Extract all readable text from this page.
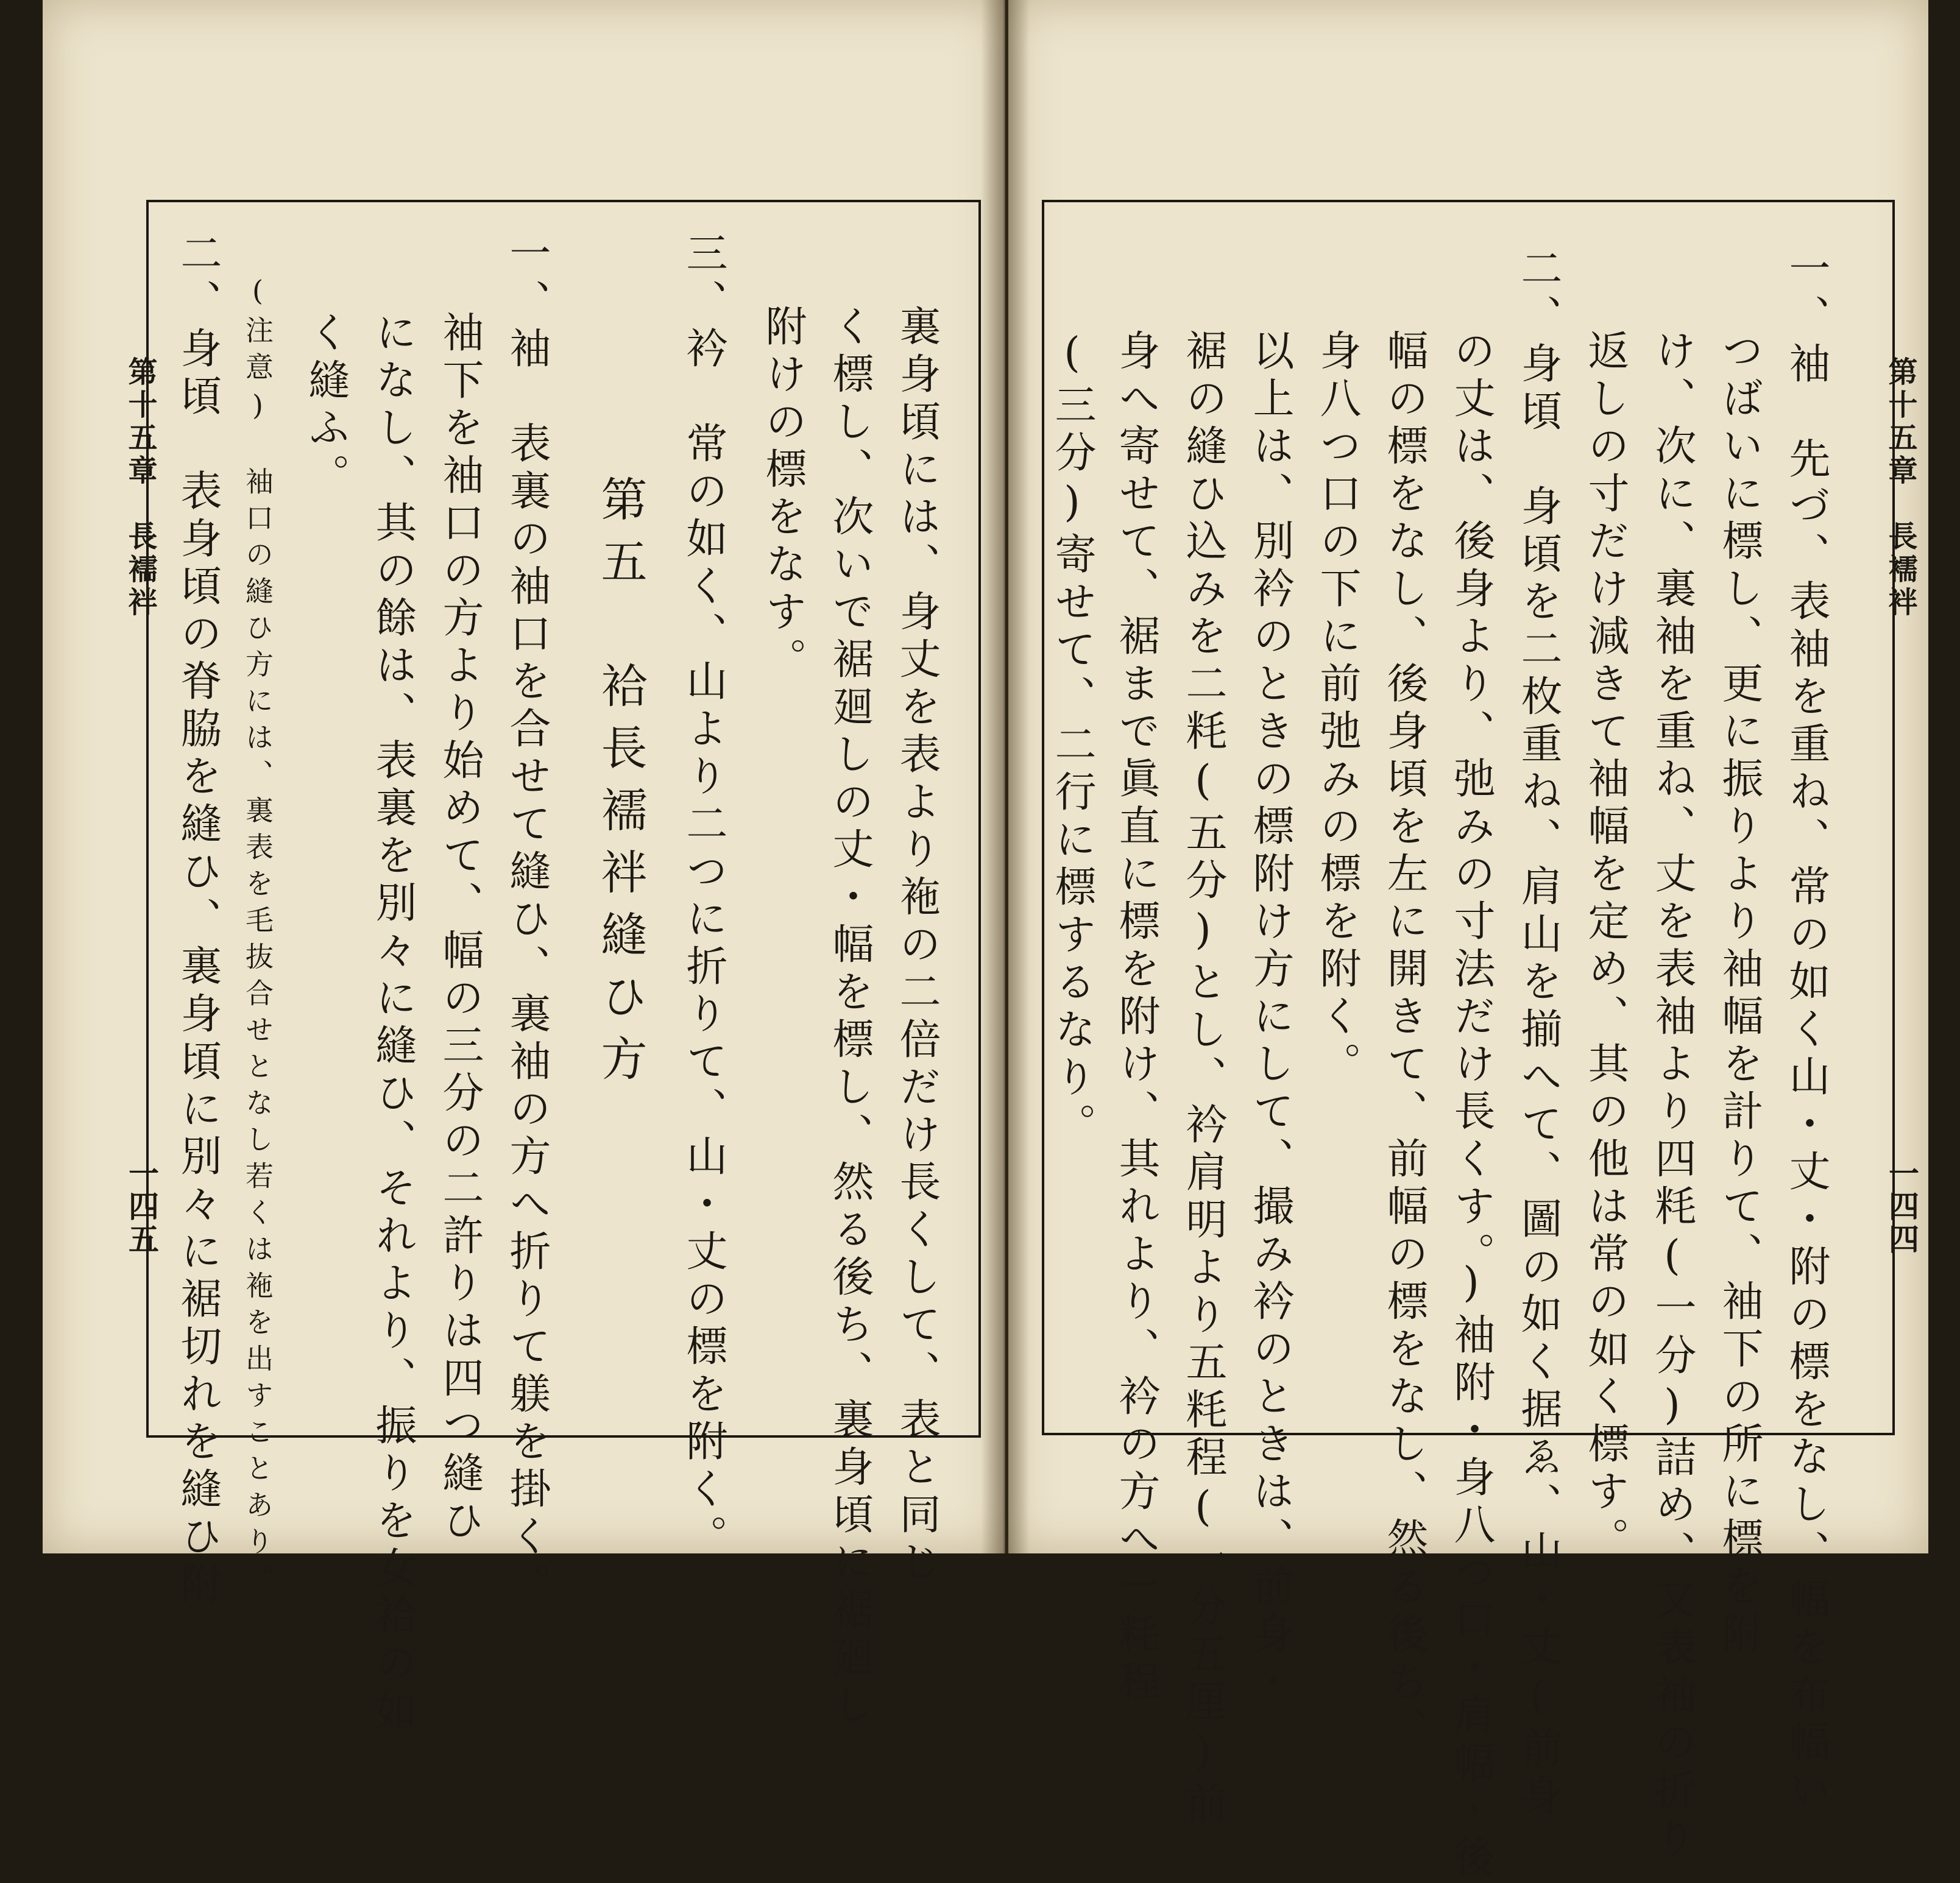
第十五章　長襦袢
一四四
第十五章　長襦袢
一四五	一、袖　先づ、表袖を重ね、常の如く山・丈・附の標をなし、幅を布幅い
つばいに標し、更に振りより袖幅を計りて、袖下の所に標を附
け、次に、裏袖を重ね、丈を表袖より四粍(一分)詰め、又表袖の折り
返しの寸だけ減きて袖幅を定め、其の他は常の如く標す。
二、身頃　身頃を二枚重ね、肩山を揃へて、圖の如く据ゑ、山・丈(前身
の丈は、後身より、弛みの寸法だけ長くす。)袖附・身八つ口・肩幅・後
幅の標をなし、後身頃を左に開きて、前幅の標をなし、然る後ち、
身八つ口の下に前弛みの標を附く。
以上は、別衿のときの標附け方にして、撮み衿のときは、前身・
裾の縫ひ込みを二粍(五分)とし、衿肩明より五粍程(一分五厘)前
身へ寄せて、裾まで眞直に標を附け、其れより、衿の方へ一粍程
(三分)寄せて、二行に標するなり。
裏身頃には、身丈を表より袘の二倍だけ長くして、表と同じ
く標し、次いで裾廻しの丈・幅を標し、然る後ち、裏身頃に裾廻し
附けの標をなす。
第五　袷長襦袢縫ひ方 三、衿　常の如く、山より二つに折りて、山・丈の標を附く。
一、袖　表裏の袖口を合せて縫ひ、裏袖の方へ折りて躾を掛く。
袖下を袖口の方より始めて、幅の三分の二許りは四つ縫ひ
になし、其の餘は、表裏を別々に縫ひ、それより、振りを女袷の如
く縫ふ。
(注意)　袖口の縫ひ方には、裏表を毛抜合せとなし若くは袘を出すことあり。
二、身頃　表身頃の脊脇を縫ひ、裏身頃に別々に裾切れを縫ひ附
